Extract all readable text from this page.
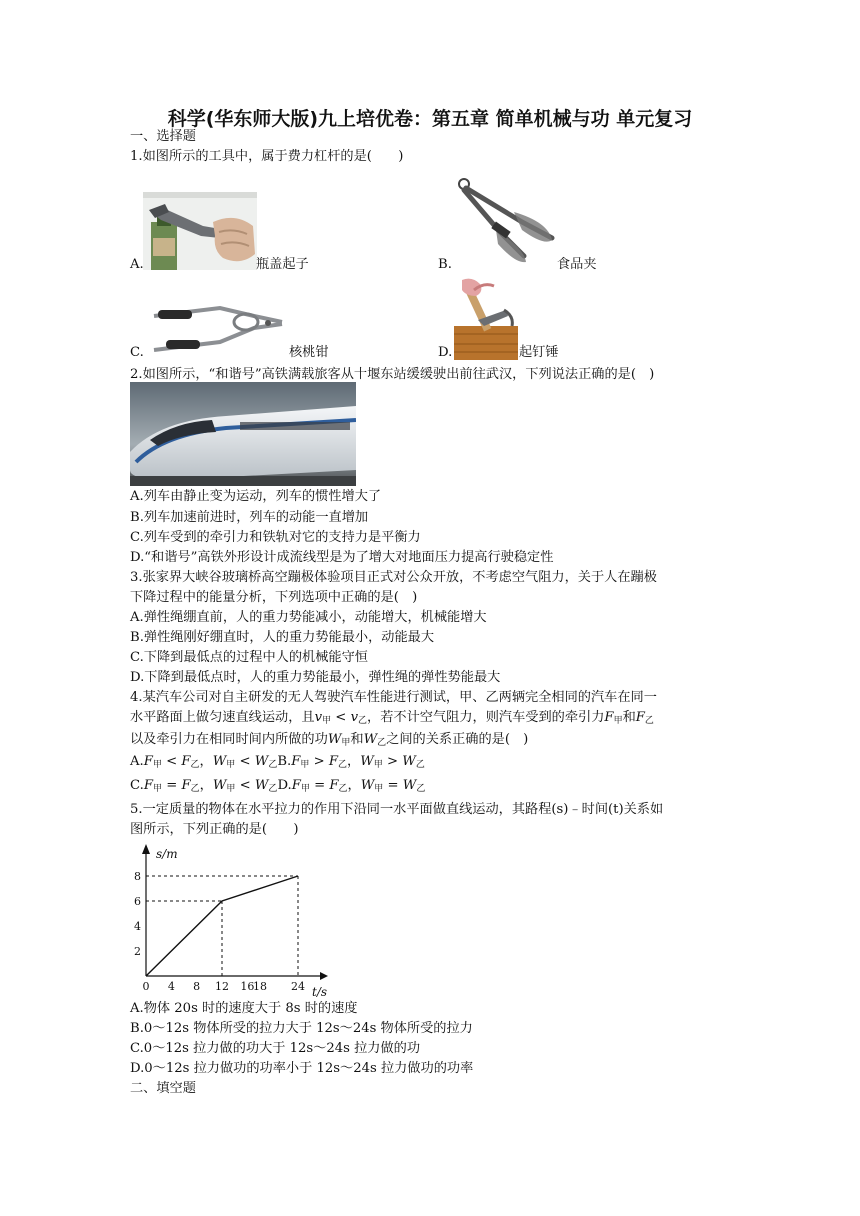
科学(华东师大版)九上培优卷：第五章 简单机械与功 单元复习
一、选择题
1.如图所示的工具中，属于费力杠杆的是(　　)
A.	瓶盖起子	B.	食品夹
C.	核桃钳	D.	起钉锤
2.如图所示，“和谐号”高铁满载旅客从十堰东站缓缓驶出前往武汉，下列说法正确的是(　)
A.列车由静止变为运动，列车的惯性增大了
B.列车加速前进时，列车的动能一直增加
C.列车受到的牵引力和铁轨对它的支持力是平衡力
D.“和谐号”高铁外形设计成流线型是为了增大对地面压力提高行驶稳定性
3.张家界大峡谷玻璃桥高空蹦极体验项目正式对公众开放，不考虑空气阻力，关于人在蹦极
下降过程中的能量分析，下列选项中正确的是(　)
A.弹性绳绷直前，人的重力势能减小，动能增大，机械能增大
B.弹性绳刚好绷直时，人的重力势能最小，动能最大
C.下降到最低点的过程中人的机械能守恒
D.下降到最低点时，人的重力势能最小，弹性绳的弹性势能最大
4.某汽车公司对自主研发的无人驾驶汽车性能进行测试，甲、乙两辆完全相同的汽车在同一
水平路面上做匀速直线运动，且$v_甲 < v_乙$，若不计空气阻力，则汽车受到的牵引力$F_甲$和$F_乙$
以及牵引力在相同时间内所做的功$W_甲$和$W_乙$之间的关系正确的是(　)
$A.F_甲 < F_乙$，$W_甲 < W_乙B.F_甲 > F_乙$，$W_甲 > W_乙$
$C.F_甲 = F_乙$，$W_甲 < W_乙D.F_甲 = F_乙$，$W_甲 = W_乙$
5.一定质量的物体在水平拉力的作用下沿同一水平面做直线运动，其路程(s)﹣时间(t)关系如
图所示，下列正确的是(　　)
s/m
t/s
0 4 8 12 16
18 24
2
4
6
8
A.物体 20s 时的速度大于 8s 时的速度
B.0～12s 物体所受的拉力大于 12s～24s 物体所受的拉力
C.0～12s 拉力做的功大于 12s～24s 拉力做的功
D.0～12s 拉力做功的功率小于 12s～24s 拉力做功的功率
二、填空题
